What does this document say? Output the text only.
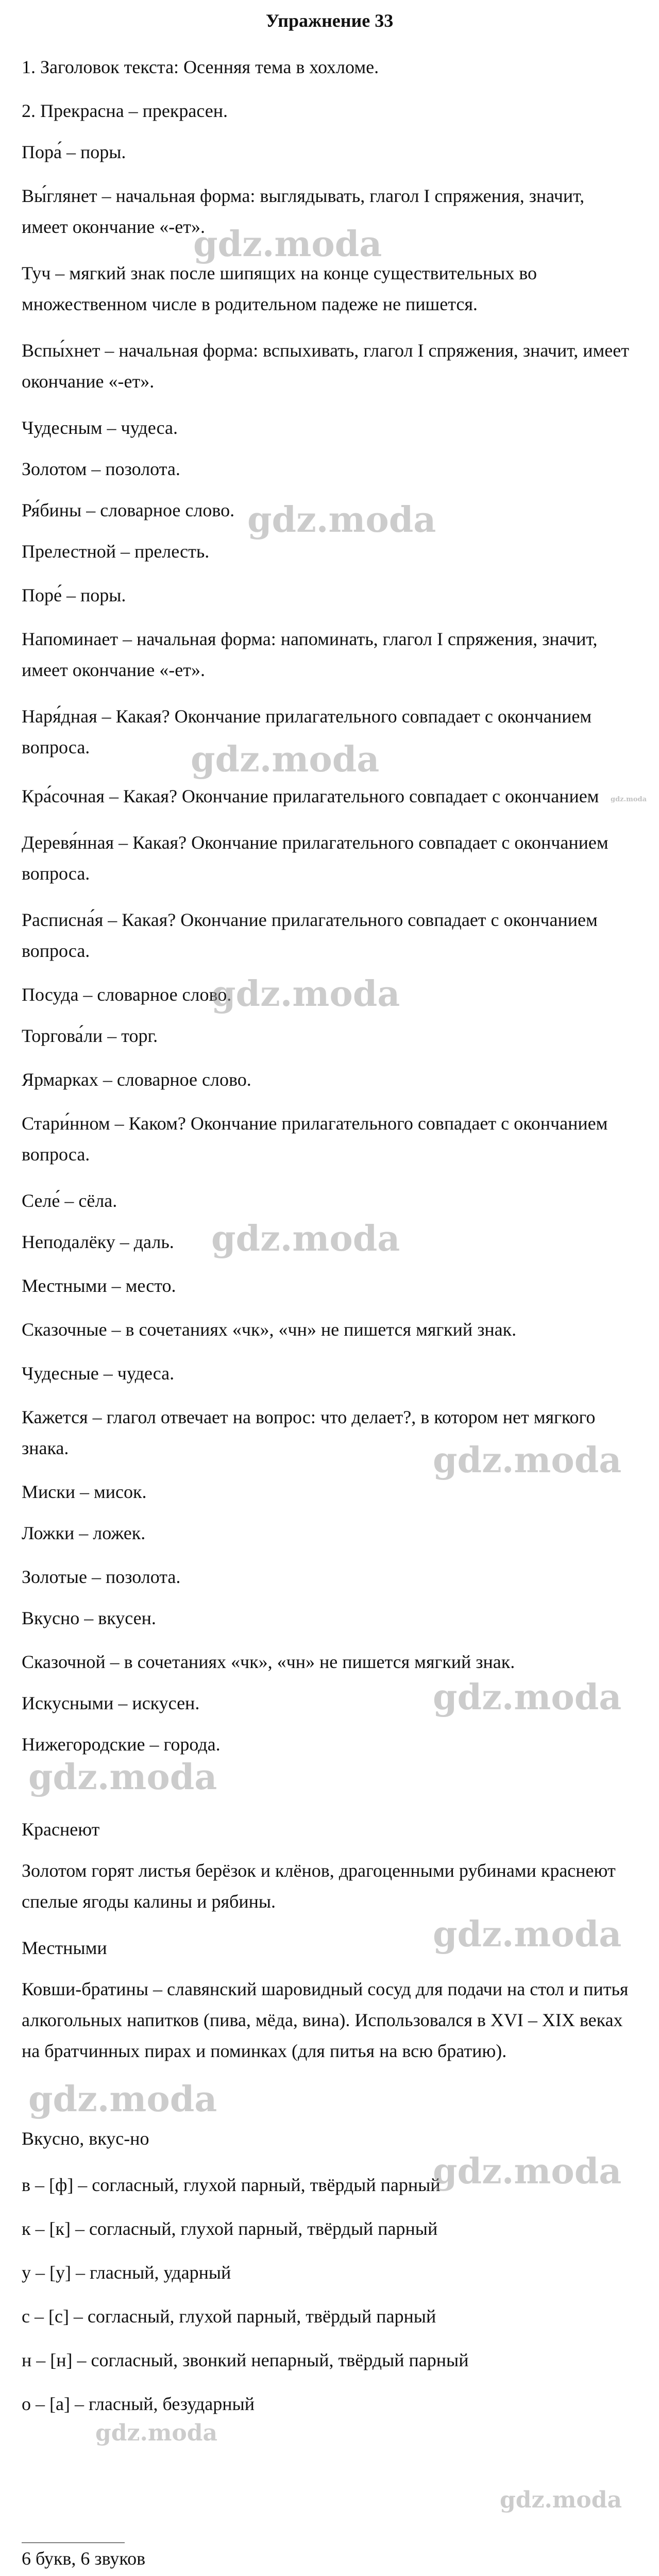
Упражнение 33
1. Заголовок текста: Осенняя тема в хохломе.
2. Прекрасна – прекрасен.
Пора́ – поры.
Вы́глянет – начальная форма: выглядывать, глагол I спряжения, значит,
имеет окончание «-ет».
Туч – мягкий знак после шипящих на конце существительных во
множественном числе в родительном падеже не пишется.
Вспы́хнет – начальная форма: вспыхивать, глагол I спряжения, значит, имеет
окончание «-ет».
Чудесным – чудеса.
Золотом – позолота.
Ря́бины – словарное слово.
Прелестной – прелесть.
Поре́ – поры.
Напоминает – начальная форма: напоминать, глагол I спряжения, значит,
имеет окончание «-ет».
Наря́дная – Какая? Окончание прилагательного совпадает с окончанием
вопроса.
Кра́сочная – Какая? Окончание прилагательного совпадает с окончанием
Деревя́нная – Какая? Окончание прилагательного совпадает с окончанием
вопроса.
Расписна́я – Какая? Окончание прилагательного совпадает с окончанием
вопроса.
Посуда – словарное слово.
Торгова́ли – торг.
Ярмарках – словарное слово.
Стари́нном – Каком? Окончание прилагательного совпадает с окончанием
вопроса.
Селе́ – сёла.
Неподалёку – даль.
Местными – место.
Сказочные – в сочетаниях «чк», «чн» не пишется мягкий знак.
Чудесные – чудеса.
Кажется – глагол отвечает на вопрос: что делает?, в котором нет мягкого
знака.
Миски – мисок.
Ложки – ложек.
Золотые – позолота.
Вкусно – вкусен.
Сказочной – в сочетаниях «чк», «чн» не пишется мягкий знак.
Искусными – искусен.
Нижегородские – города.
Краснеют
Золотом горят листья берёзок и клёнов, драгоценными рубинами краснеют
спелые ягоды калины и рябины.
Местными
Ковши-братины – славянский шаровидный сосуд для подачи на стол и питья
алкогольных напитков (пива, мёда, вина). Использовался в XVI – XIX веках
на братчинных пирах и поминках (для питья на всю братию).
Вкусно, вкус-но
в – [ф] – согласный, глухой парный, твёрдый парный
к – [к] – согласный, глухой парный, твёрдый парный
у – [у] – гласный, ударный
с – [с] – согласный, глухой парный, твёрдый парный
н – [н] – согласный, звонкий непарный, твёрдый парный
о – [а] – гласный, безударный
6 букв, 6 звуков
gdz.moda
gdz.moda
gdz.moda
gdz.moda
gdz.moda
gdz.moda
gdz.moda
gdz.moda
gdz.moda
gdz.moda
gdz.moda
gdz.moda
gdz.moda
gdz.moda
